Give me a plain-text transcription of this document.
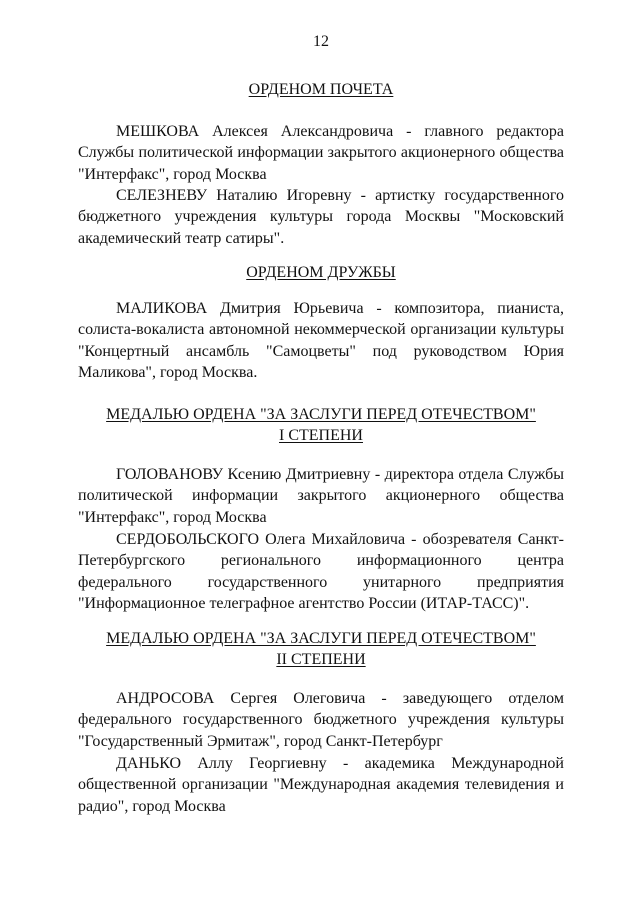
12
ОРДЕНОМ ПОЧЕТА
МЕШКОВА Алексея Александровича - главного редактора Службы политической информации закрытого акционерного общества "Интерфакс", город Москва
СЕЛЕЗНЕВУ Наталию Игоревну - артистку государственного бюджетного учреждения культуры города Москвы "Московский академический театр сатиры".
ОРДЕНОМ ДРУЖБЫ
МАЛИКОВА Дмитрия Юрьевича - композитора, пианиста, солиста-вокалиста автономной некоммерческой организации культуры "Концертный ансамбль "Самоцветы" под руководством Юрия Маликова", город Москва.
МЕДАЛЬЮ ОРДЕНА "ЗА ЗАСЛУГИ ПЕРЕД ОТЕЧЕСТВОМ"
I СТЕПЕНИ
ГОЛОВАНОВУ Ксению Дмитриевну - директора отдела Службы политической информации закрытого акционерного общества "Интерфакс", город Москва
СЕРДОБОЛЬСКОГО Олега Михайловича - обозревателя Санкт-Петербургского регионального информационного центра федерального государственного унитарного предприятия "Информационное телеграфное агентство России (ИТАР-ТАСС)".
МЕДАЛЬЮ ОРДЕНА "ЗА ЗАСЛУГИ ПЕРЕД ОТЕЧЕСТВОМ"
II СТЕПЕНИ
АНДРОСОВА Сергея Олеговича - заведующего отделом федерального государственного бюджетного учреждения культуры "Государственный Эрмитаж", город Санкт-Петербург
ДАНЬКО Аллу Георгиевну - академика Международной общественной организации "Международная академия телевидения и радио", город Москва
